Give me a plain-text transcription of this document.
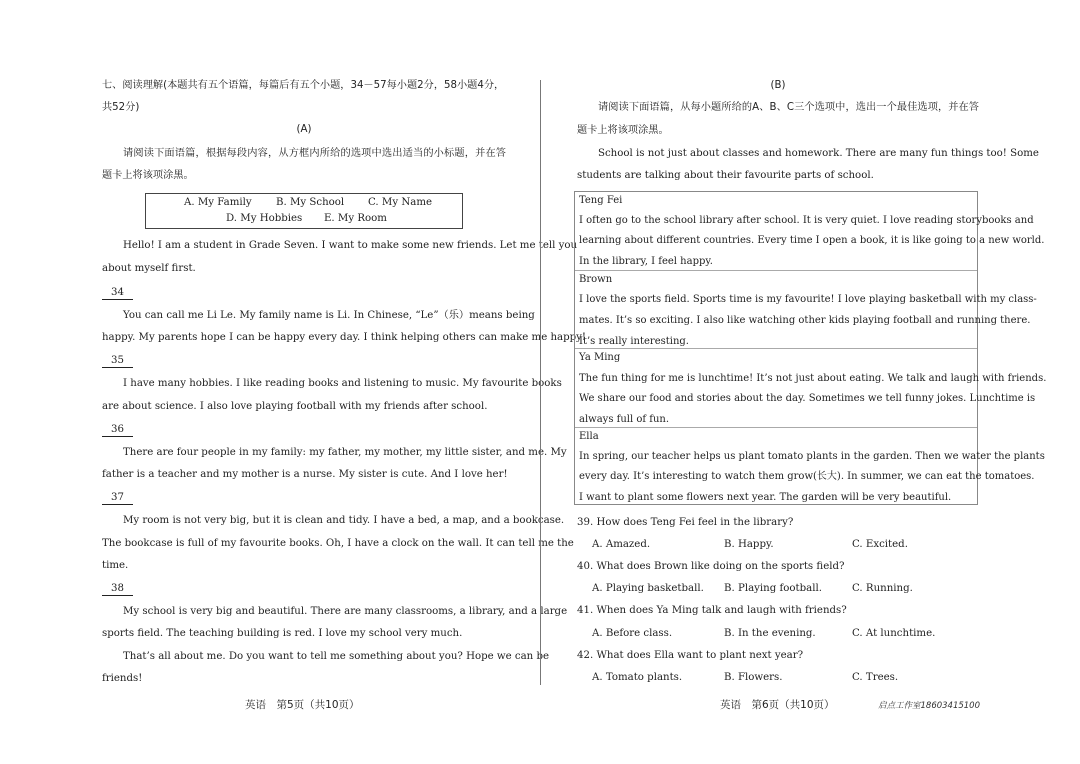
七、阅读理解(本题共有五个语篇，每篇后有五个小题，34－57每小题2分，58小题4分，
共52分)
(A)
请阅读下面语篇，根据每段内容，从方框内所给的选项中选出适当的小标题，并在答
题卡上将该项涂黑。
Hello! I am a student in Grade Seven. I want to make some new friends. Let me tell you
about myself first.
34
You can call me Li Le. My family name is Li. In Chinese, “Le”（乐）means being
happy. My parents hope I can be happy every day. I think helping others can make me happy!
35
I have many hobbies. I like reading books and listening to music. My favourite books
are about science. I also love playing football with my friends after school.
36
There are four people in my family: my father, my mother, my little sister, and me. My
father is a teacher and my mother is a nurse. My sister is cute. And I love her!
37
My room is not very big, but it is clean and tidy. I have a bed, a map, and a bookcase.
The bookcase is full of my favourite books. Oh, I have a clock on the wall. It can tell me the
time.
38
My school is very big and beautiful. There are many classrooms, a library, and a large
sports field. The teaching building is red. I love my school very much.
That’s all about me. Do you want to tell me something about you? Hope we can be
friends!
A. My Family B. My School C. My Name
D. My Hobbies E. My Room
(B)
请阅读下面语篇，从每小题所给的A、B、C三个选项中，选出一个最佳选项，并在答
题卡上将该项涂黑。
School is not just about classes and homework. There are many fun things too! Some
students are talking about their favourite parts of school.
Teng Fei
I often go to the school library after school. It is very quiet. I love reading storybooks and
learning about different countries. Every time I open a book, it is like going to a new world.
In the library, I feel happy.
Brown
I love the sports field. Sports time is my favourite! I love playing basketball with my class-
mates. It’s so exciting. I also like watching other kids playing football and running there.
It’s really interesting.
Ya Ming
The fun thing for me is lunchtime! It’s not just about eating. We talk and laugh with friends.
We share our food and stories about the day. Sometimes we tell funny jokes. Lunchtime is
always full of fun.
Ella
In spring, our teacher helps us plant tomato plants in the garden. Then we water the plants
every day. It’s interesting to watch them grow(长大). In summer, we can eat the tomatoes.
I want to plant some flowers next year. The garden will be very beautiful.
39. How does Teng Fei feel in the library?
A. Amazed.	B. Happy.	C. Excited.
40. What does Brown like doing on the sports field?
A. Playing basketball. B. Playing football.	C. Running.
41. When does Ya Ming talk and laugh with friends?
A. Before class.	B. In the evening.	C. At lunchtime.
42. What does Ella want to plant next year?
A. Tomato plants.	B. Flowers.	C. Trees.
英语　第5页（共10页）	英语　第6页（共10页）	启点工作室18603415100
